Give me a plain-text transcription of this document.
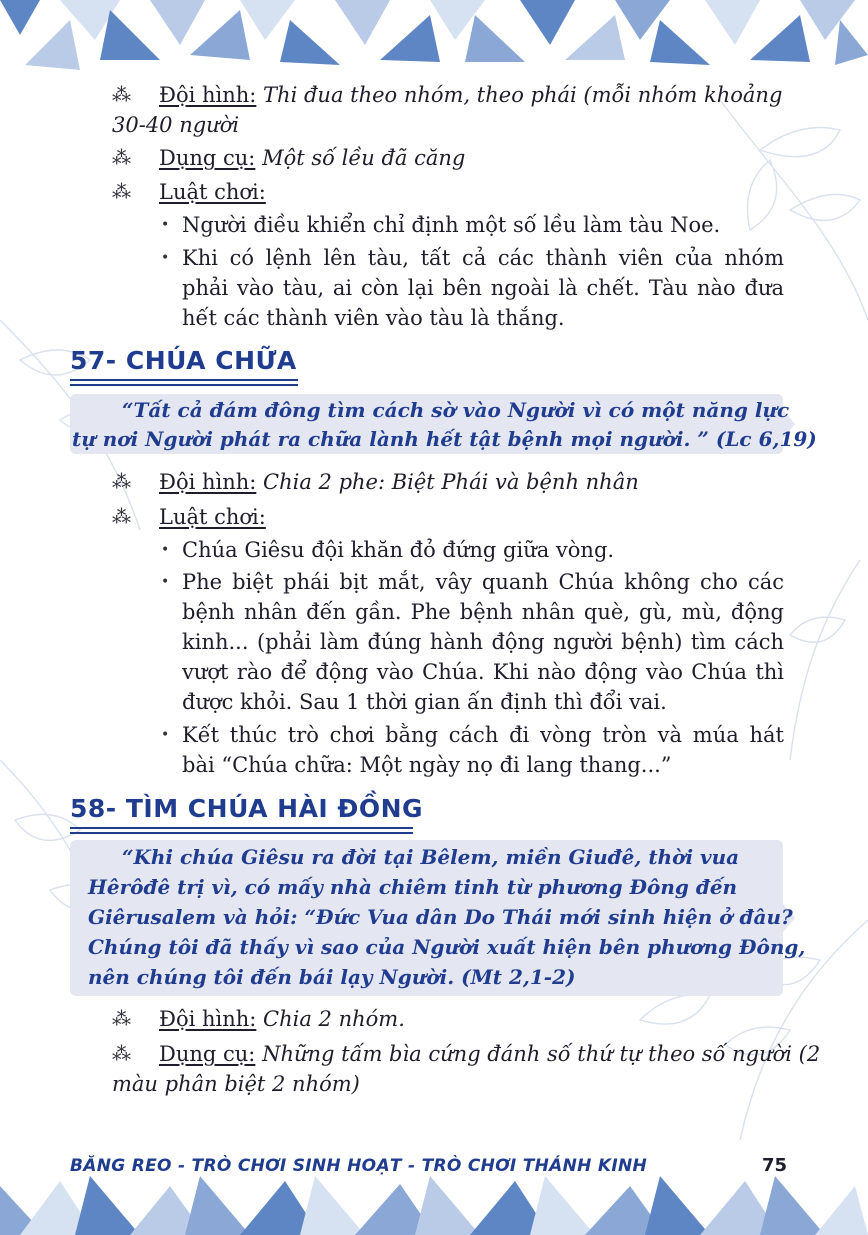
⁂ Đội hình: Thi đua theo nhóm, theo phái (mỗi nhóm khoảng
30-40 người
⁂ Dụng cụ: Một số lều đã căng
⁂ Luật chơi:
• Người điều khiển chỉ định một số lều làm tàu Noe.
• Khi có lệnh lên tàu, tất cả các thành viên của nhóm
phải vào tàu, ai còn lại bên ngoài là chết. Tàu nào đưa
hết các thành viên vào tàu là thắng.
57- CHÚA CHỮA
“Tất cả đám đông tìm cách sờ vào Người vì có một năng lực
tự nơi Người phát ra chữa lành hết tật bệnh mọi người. ” (Lc 6,19)
⁂ Đội hình: Chia 2 phe: Biệt Phái và bệnh nhân
⁂ Luật chơi:
• Chúa Giêsu đội khăn đỏ đứng giữa vòng.
• Phe biệt phái bịt mắt, vây quanh Chúa không cho các
bệnh nhân đến gần. Phe bệnh nhân què, gù, mù, động
kinh... (phải làm đúng hành động người bệnh) tìm cách
vượt rào để động vào Chúa. Khi nào động vào Chúa thì
được khỏi. Sau 1 thời gian ấn định thì đổi vai.
• Kết thúc trò chơi bằng cách đi vòng tròn và múa hát
bài “Chúa chữa: Một ngày nọ đi lang thang...”
58- TÌM CHÚA HÀI ĐỒNG
“Khi chúa Giêsu ra đời tại Bêlem, miền Giuđê, thời vua
Hêrôđê trị vì, có mấy nhà chiêm tinh từ phương Đông đến
Giêrusalem và hỏi: “Đức Vua dân Do Thái mới sinh hiện ở đâu?
Chúng tôi đã thấy vì sao của Người xuất hiện bên phương Đông,
nên chúng tôi đến bái lạy Người. (Mt 2,1-2)
⁂ Đội hình: Chia 2 nhóm.
⁂ Dụng cụ: Những tấm bìa cứng đánh số thứ tự theo số người (2
màu phân biệt 2 nhóm)
BĂNG REO - TRÒ CHƠI SINH HOẠT - TRÒ CHƠI THÁNH KINH	75
